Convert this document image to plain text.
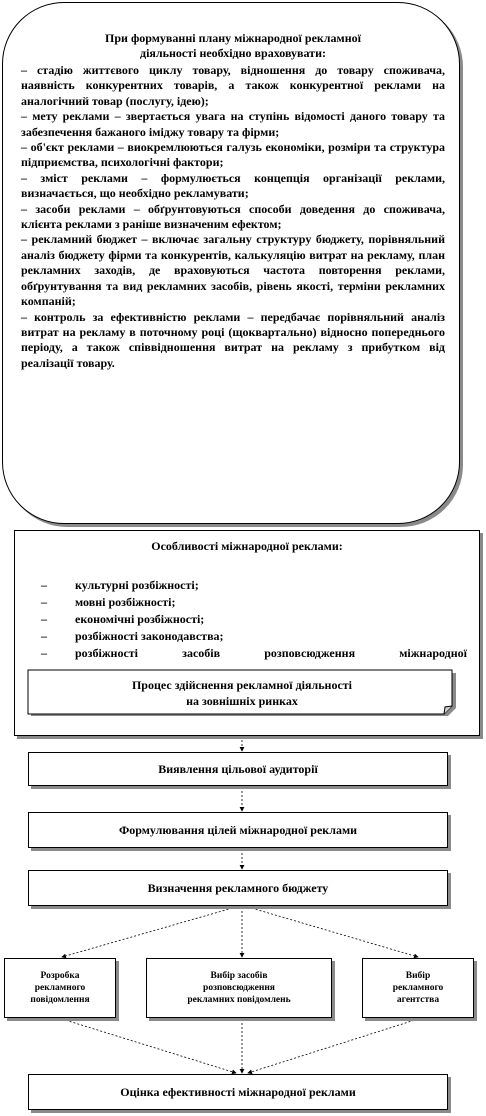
При формуванні плану міжнародної рекламної
діяльності необхідно враховувати:
– стадію життєвого циклу товару, відношення до товару споживача, наявність конкурентних товарів, а також конкурентної реклами на аналогічний товар (послугу, ідею);
– мету реклами – звертається увага на ступінь відомості даного товару та забезпечення бажаного іміджу товару та фірми;
– об'єкт реклами – виокремлюються галузь економіки, розміри та структура підприємства, психологічні фактори;
– зміст реклами – формулюється концепція організації реклами, визначається, що необхідно рекламувати;
– засоби реклами – обґрунтовуються способи доведення до споживача, клієнта реклами з раніше визначеним ефектом;
– рекламний бюджет – включає загальну структуру бюджету, порівняльний аналіз бюджету фірми та конкурентів, калькуляцію витрат на рекламу, план рекламних заходів, де враховуються частота повторення реклами, обґрунтування та вид рекламних засобів, рівень якості, терміни рекламних компаній;
– контроль за ефективністю реклами – передбачає порівняльний аналіз витрат на рекламу в поточному році (щоквартально) відносно попереднього періоду, а також співвідношення витрат на рекламу з прибутком від реалізації товару.
Особливості міжнародної реклами:
– культурні розбіжності;
– мовні розбіжності;
– економічні розбіжності;
– розбіжності законодавства;
– розбіжності	засобів	розповсюдження	міжнародної
Процес здійснення рекламної діяльності
на зовнішніх ринках
Виявлення цільової аудиторії
Формулювання цілей міжнародної реклами
Визначення рекламного бюджету
Розробка
рекламного
повідомлення
Вибір засобів
розповсюдження
рекламних повідомлень
Вибір
рекламного
агентства
Оцінка ефективності міжнародної реклами
